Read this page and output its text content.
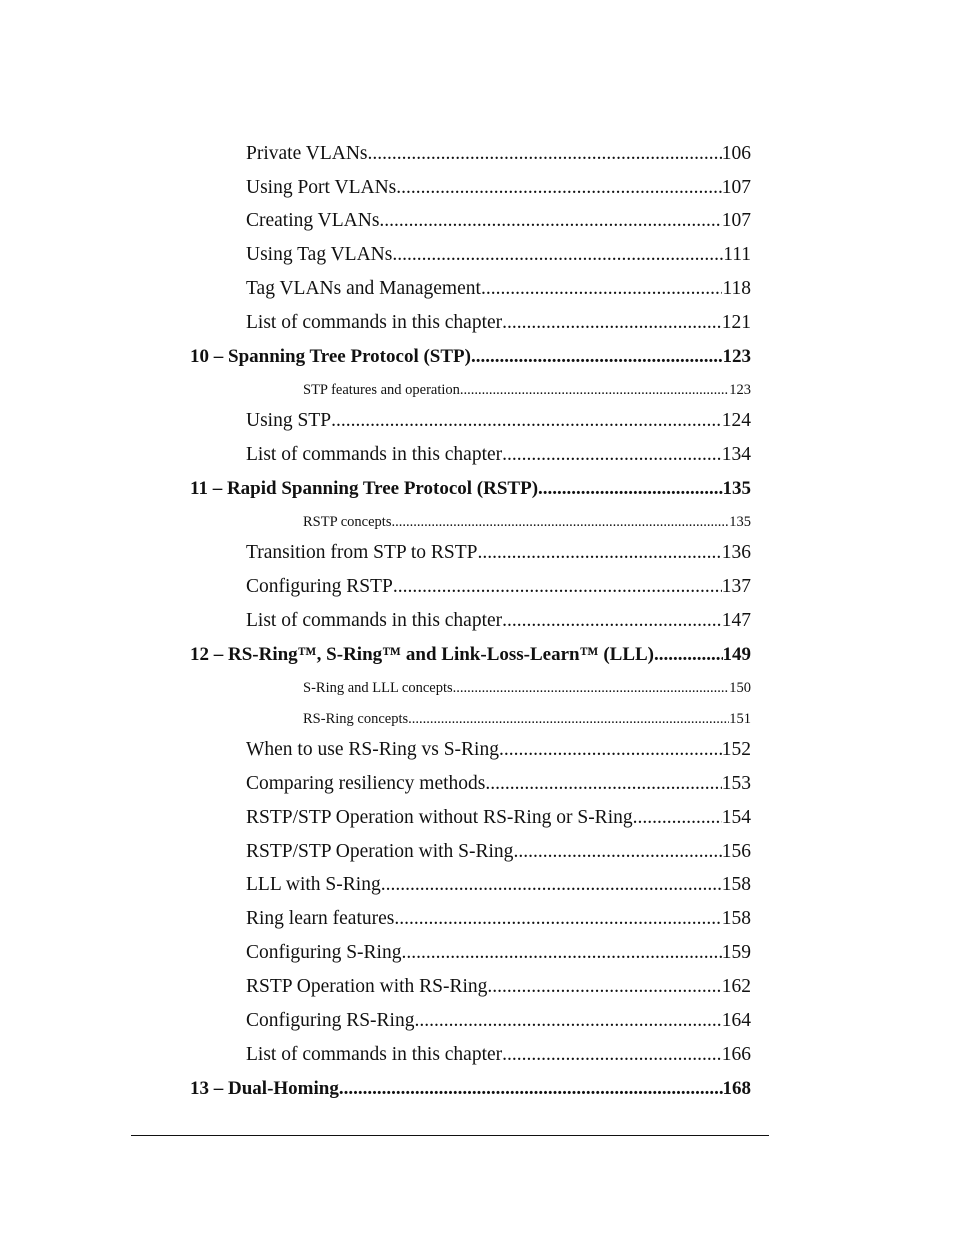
Private VLANs .....	106
Using Port VLANs .....	107
Creating VLANs .....	107
Using Tag VLANs .....	111
Tag VLANs and Management .....	118
List of commands in this chapter .....	121
10 – Spanning Tree Protocol (STP) .....	123
STP features and operation .....	123
Using STP .....	124
List of commands in this chapter .....	134
11 – Rapid Spanning Tree Protocol (RSTP) .....	135
RSTP concepts .....	135
Transition from STP to RSTP .....	136
Configuring RSTP .....	137
List of commands in this chapter .....	147
12 – RS-Ring™, S-Ring™ and Link-Loss-Learn™ (LLL) .....	149
S-Ring and LLL concepts .....	150
RS-Ring concepts .....	151
When to use RS-Ring vs S-Ring .....	152
Comparing resiliency methods .....	153
RSTP/STP Operation without RS-Ring or S-Ring .....	154
RSTP/STP Operation with S-Ring .....	156
LLL with S-Ring .....	158
Ring learn features .....	158
Configuring S-Ring .....	159
RSTP Operation with RS-Ring .....	162
Configuring RS-Ring .....	164
List of commands in this chapter .....	166
13 – Dual-Homing .....	168
